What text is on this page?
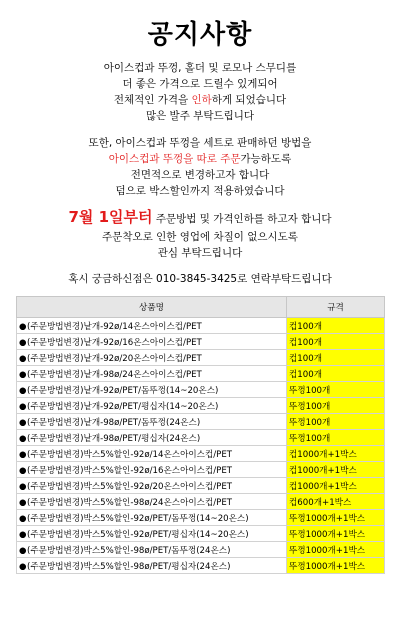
공지사항
아이스컵과 뚜껑, 홀더 및 로모나 스무디를
더 좋은 가격으로 드릴수 있게되어
전체적인 가격을 인하하게 되었습니다
많은 발주 부탁드립니다
또한, 아이스컵과 뚜껑을 세트로 판매하던 방법을
아이스컵과 뚜껑을 따로 주문가능하도록
전면적으로 변경하고자 합니다
덤으로 박스할인까지 적용하였습니다
7월 1일부터 주문방법 및 가격인하를 하고자 합니다
주문착오로 인한 영업에 차질이 없으시도록
관심 부탁드립니다
혹시 궁금하신점은 010-3845-3425로 연락부탁드립니다
상품명	규격
●(주문방법변경)낱개-92ø/14온스아이스컵/PET	컵100개
●(주문방법변경)낱개-92ø/16온스아이스컵/PET	컵100개
●(주문방법변경)낱개-92ø/20온스아이스컵/PET	컵100개
●(주문방법변경)낱개-98ø/24온스아이스컵/PET	컵100개
●(주문방법변경)낱개-92ø/PET/돔뚜껑(14~20온스)	뚜껑100개
●(주문방법변경)낱개-92ø/PET/평십자(14~20온스)	뚜껑100개
●(주문방법변경)낱개-98ø/PET/돔뚜껑(24온스)	뚜껑100개
●(주문방법변경)낱개-98ø/PET/평십자(24온스)	뚜껑100개
●(주문방법변경)박스5%할인-92ø/14온스아이스컵/PET	컵1000개+1박스
●(주문방법변경)박스5%할인-92ø/16온스아이스컵/PET	컵1000개+1박스
●(주문방법변경)박스5%할인-92ø/20온스아이스컵/PET	컵1000개+1박스
●(주문방법변경)박스5%할인-98ø/24온스아이스컵/PET	컵600개+1박스
●(주문방법변경)박스5%할인-92ø/PET/돔뚜껑(14~20온스)	뚜껑1000개+1박스
●(주문방법변경)박스5%할인-92ø/PET/평십자(14~20온스)	뚜껑1000개+1박스
●(주문방법변경)박스5%할인-98ø/PET/돔뚜껑(24온스)	뚜껑1000개+1박스
●(주문방법변경)박스5%할인-98ø/PET/평십자(24온스)	뚜껑1000개+1박스
